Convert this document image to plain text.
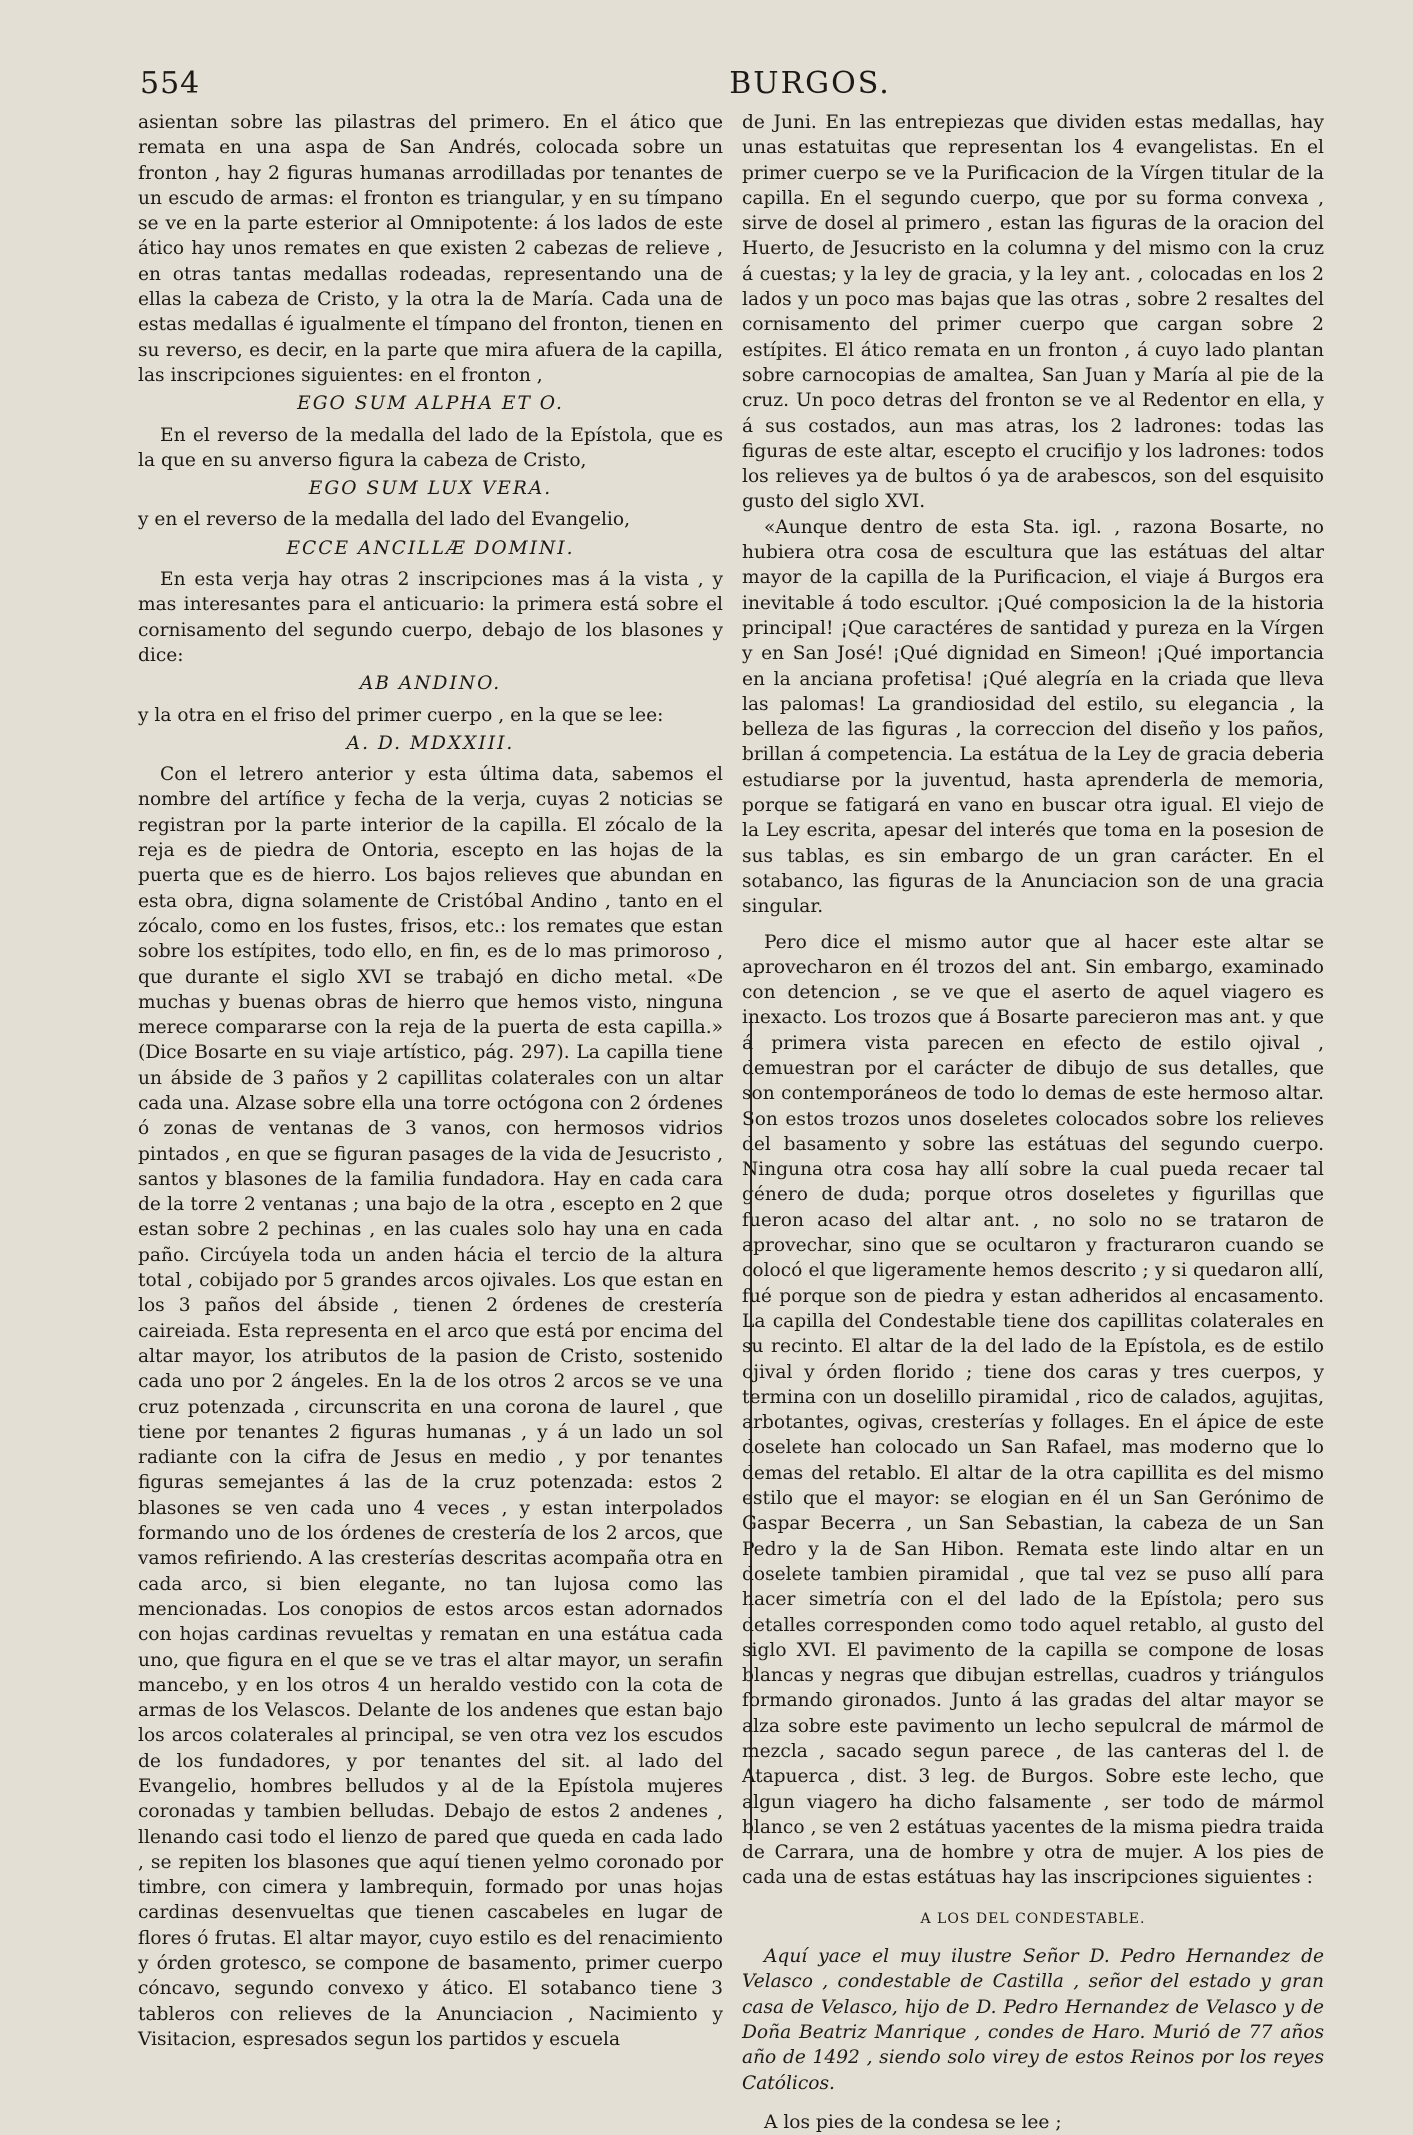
554	BURGOS.

asientan sobre las pilastras del primero. En el ático que remata en una aspa de San Andrés, colocada sobre un fronton , hay 2 figuras humanas arrodilladas por tenantes de un escudo de armas: el fronton es triangular, y en su tímpano se ve en la parte esterior al Omnipotente: á los lados de este ático hay unos remates en que existen 2 cabezas de relieve , en otras tantas medallas rodeadas, representando una de ellas la cabeza de Cristo, y la otra la de María. Cada una de estas medallas é igualmente el tímpano del fronton, tienen en su reverso, es decir, en la parte que mira afuera de la capilla, las inscripciones siguientes: en el fronton ,

EGO SUM ALPHA ET O.

En el reverso de la medalla del lado de la Epístola, que es la que en su anverso figura la cabeza de Cristo,

EGO SUM LUX VERA.

y en el reverso de la medalla del lado del Evangelio,

ECCE ANCILLÆ DOMINI.

En esta verja hay otras 2 inscripciones mas á la vista , y mas interesantes para el anticuario: la primera está sobre el cornisamento del segundo cuerpo, debajo de los blasones y dice:

AB ANDINO.

y la otra en el friso del primer cuerpo , en la que se lee:

A. D. MDXXIII.

Con el letrero anterior y esta última data, sabemos el nombre del artífice y fecha de la verja, cuyas 2 noticias se registran por la parte interior de la capilla. El zócalo de la reja es de piedra de Ontoria, escepto en las hojas de la puerta que es de hierro. Los bajos relieves que abundan en esta obra, digna solamente de Cristóbal Andino , tanto en el zócalo, como en los fustes, frisos, etc.: los remates que estan sobre los estípites, todo ello, en fin, es de lo mas primoroso , que durante el siglo XVI se trabajó en dicho metal. «De muchas y buenas obras de hierro que hemos visto, ninguna merece compararse con la reja de la puerta de esta capilla.» (Dice Bosarte en su viaje artístico, pág. 297). La capilla tiene un ábside de 3 paños y 2 capillitas colaterales con un altar cada una. Alzase sobre ella una torre octógona con 2 órdenes ó zonas de ventanas de 3 vanos, con hermosos vidrios pintados , en que se figuran pasages de la vida de Jesucristo , santos y blasones de la familia fundadora. Hay en cada cara de la torre 2 ventanas ; una bajo de la otra , escepto en 2 que estan sobre 2 pechinas , en las cuales solo hay una en cada paño. Circúyela toda un anden hácia el tercio de la altura total , cobijado por 5 grandes arcos ojivales. Los que estan en los 3 paños del ábside , tienen 2 órdenes de crestería caireiada. Esta representa en el arco que está por encima del altar mayor, los atributos de la pasion de Cristo, sostenido cada uno por 2 ángeles. En la de los otros 2 arcos se ve una cruz potenzada , circunscrita en una corona de laurel , que tiene por tenantes 2 figuras humanas , y á un lado un sol radiante con la cifra de Jesus en medio , y por tenantes figuras semejantes á las de la cruz potenzada: estos 2 blasones se ven cada uno 4 veces , y estan interpolados formando uno de los órdenes de crestería de los 2 arcos, que vamos refiriendo. A las cresterías descritas acompaña otra en cada arco, si bien elegante, no tan lujosa como las mencionadas. Los conopios de estos arcos estan adornados con hojas cardinas revueltas y rematan en una estátua cada uno, que figura en el que se ve tras el altar mayor, un serafin mancebo, y en los otros 4 un heraldo vestido con la cota de armas de los Velascos. Delante de los andenes que estan bajo los arcos colaterales al principal, se ven otra vez los escudos de los fundadores, y por tenantes del sit. al lado del Evangelio, hombres belludos y al de la Epístola mujeres coronadas y tambien belludas. Debajo de estos 2 andenes , llenando casi todo el lienzo de pared que queda en cada lado , se repiten los blasones que aquí tienen yelmo coronado por timbre, con cimera y lambrequin, formado por unas hojas cardinas desenvueltas que tienen cascabeles en lugar de flores ó frutas. El altar mayor, cuyo estilo es del renacimiento y órden grotesco, se compone de basamento, primer cuerpo cóncavo, segundo convexo y ático. El sotabanco tiene 3 tableros con relieves de la Anunciacion , Nacimiento y Visitacion, espresados segun los partidos y escuela

de Juni. En las entrepiezas que dividen estas medallas, hay unas estatuitas que representan los 4 evangelistas. En el primer cuerpo se ve la Purificacion de la Vírgen titular de la capilla. En el segundo cuerpo, que por su forma convexa , sirve de dosel al primero , estan las figuras de la oracion del Huerto, de Jesucristo en la columna y del mismo con la cruz á cuestas; y la ley de gracia, y la ley ant. , colocadas en los 2 lados y un poco mas bajas que las otras , sobre 2 resaltes del cornisamento del primer cuerpo que cargan sobre 2 estípites. El ático remata en un fronton , á cuyo lado plantan sobre carnocopias de amaltea, San Juan y María al pie de la cruz. Un poco detras del fronton se ve al Redentor en ella, y á sus costados, aun mas atras, los 2 ladrones: todas las figuras de este altar, escepto el crucifijo y los ladrones: todos los relieves ya de bultos ó ya de arabescos, son del esquisito gusto del siglo XVI.

«Aunque dentro de esta Sta. igl. , razona Bosarte, no hubiera otra cosa de escultura que las estátuas del altar mayor de la capilla de la Purificacion, el viaje á Burgos era inevitable á todo escultor. ¡Qué composicion la de la historia principal! ¡Que caractéres de santidad y pureza en la Vírgen y en San José! ¡Qué dignidad en Simeon! ¡Qué importancia en la anciana profetisa! ¡Qué alegría en la criada que lleva las palomas! La grandiosidad del estilo, su elegancia , la belleza de las figuras , la correccion del diseño y los paños, brillan á competencia. La estátua de la Ley de gracia deberia estudiarse por la juventud, hasta aprenderla de memoria, porque se fatigará en vano en buscar otra igual. El viejo de la Ley escrita, apesar del interés que toma en la posesion de sus tablas, es sin embargo de un gran carácter. En el sotabanco, las figuras de la Anunciacion son de una gracia singular.

Pero dice el mismo autor que al hacer este altar se aprovecharon en él trozos del ant. Sin embargo, examinado con detencion , se ve que el aserto de aquel viagero es inexacto. Los trozos que á Bosarte parecieron mas ant. y que á primera vista parecen en efecto de estilo ojival , demuestran por el carácter de dibujo de sus detalles, que son contemporáneos de todo lo demas de este hermoso altar. Son estos trozos unos doseletes colocados sobre los relieves del basamento y sobre las estátuas del segundo cuerpo. Ninguna otra cosa hay allí sobre la cual pueda recaer tal género de duda; porque otros doseletes y figurillas que fueron acaso del altar ant. , no solo no se trataron de aprovechar, sino que se ocultaron y fracturaron cuando se colocó el que ligeramente hemos descrito ; y si quedaron allí, fué porque son de piedra y estan adheridos al encasamento. La capilla del Condestable tiene dos capillitas colaterales en su recinto. El altar de la del lado de la Epístola, es de estilo ojival y órden florido ; tiene dos caras y tres cuerpos, y termina con un doselillo piramidal , rico de calados, agujitas, arbotantes, ogivas, cresterías y follages. En el ápice de este doselete han colocado un San Rafael, mas moderno que lo demas del retablo. El altar de la otra capillita es del mismo estilo que el mayor: se elogian en él un San Gerónimo de Gaspar Becerra , un San Sebastian, la cabeza de un San Pedro y la de San Hibon. Remata este lindo altar en un doselete tambien piramidal , que tal vez se puso allí para hacer simetría con el del lado de la Epístola; pero sus detalles corresponden como todo aquel retablo, al gusto del siglo XVI. El pavimento de la capilla se compone de losas blancas y negras que dibujan estrellas, cuadros y triángulos formando gironados. Junto á las gradas del altar mayor se alza sobre este pavimento un lecho sepulcral de mármol de mezcla , sacado segun parece , de las canteras del l. de Atapuerca , dist. 3 leg. de Burgos. Sobre este lecho, que algun viagero ha dicho falsamente , ser todo de mármol blanco , se ven 2 estátuas yacentes de la misma piedra traida de Carrara, una de hombre y otra de mujer. A los pies de cada una de estas estátuas hay las inscripciones siguientes :

A LOS DEL CONDESTABLE.

Aquí yace el muy ilustre Señor D. Pedro Hernandez de Velasco , condestable de Castilla , señor del estado y gran casa de Velasco, hijo de D. Pedro Hernandez de Velasco y de Doña Beatriz Manrique , condes de Haro. Murió de 77 años año de 1492 , siendo solo virey de estos Reinos por los reyes Católicos.

A los pies de la condesa se lee ;
